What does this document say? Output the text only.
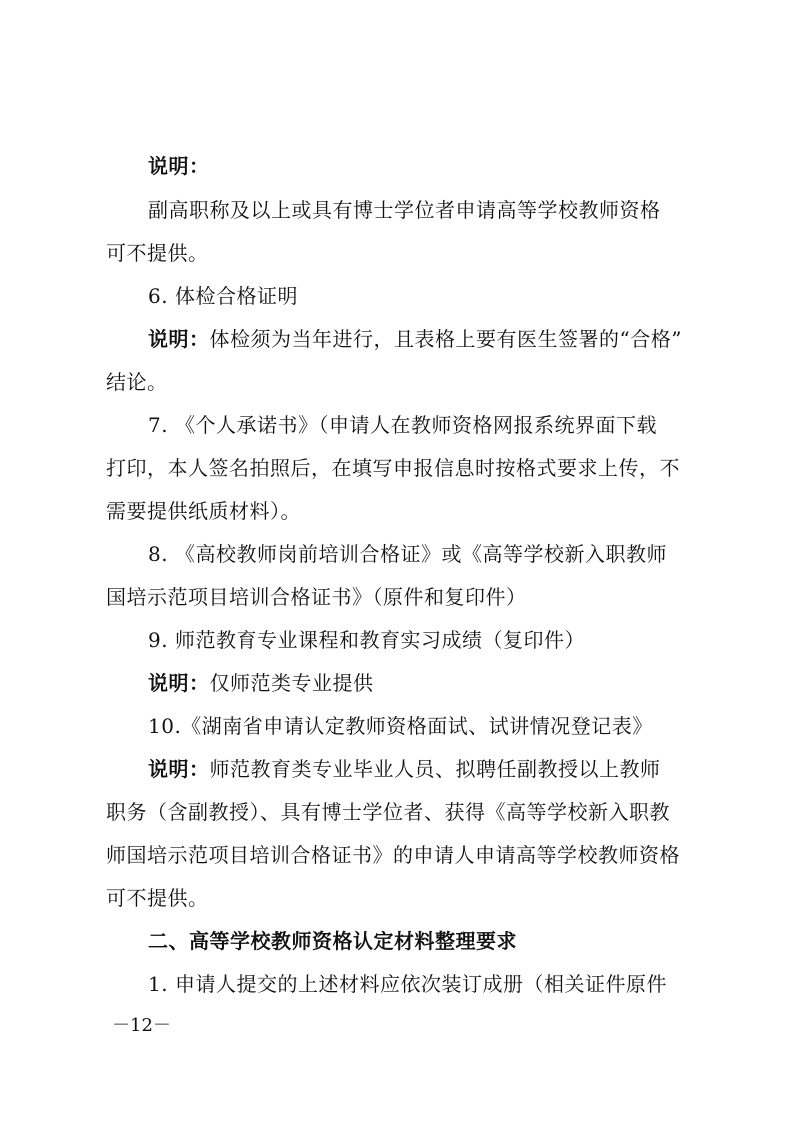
说明：
副高职称及以上或具有博士学位者申请高等学校教师资格
可不提供。
6. 体检合格证明
说明：体检须为当年进行，且表格上要有医生签署的“合格”
结论。
7. 《个人承诺书》（申请人在教师资格网报系统界面下载
打印，本人签名拍照后，在填写申报信息时按格式要求上传，不
需要提供纸质材料）。
8. 《高校教师岗前培训合格证》或《高等学校新入职教师
国培示范项目培训合格证书》（原件和复印件）
9. 师范教育专业课程和教育实习成绩（复印件）
说明：仅师范类专业提供
10.《湖南省申请认定教师资格面试、试讲情况登记表》
说明：师范教育类专业毕业人员、拟聘任副教授以上教师
职务（含副教授）、具有博士学位者、获得《高等学校新入职教
师国培示范项目培训合格证书》的申请人申请高等学校教师资格
可不提供。
二、高等学校教师资格认定材料整理要求
1. 申请人提交的上述材料应依次装订成册（相关证件原件
－12－
